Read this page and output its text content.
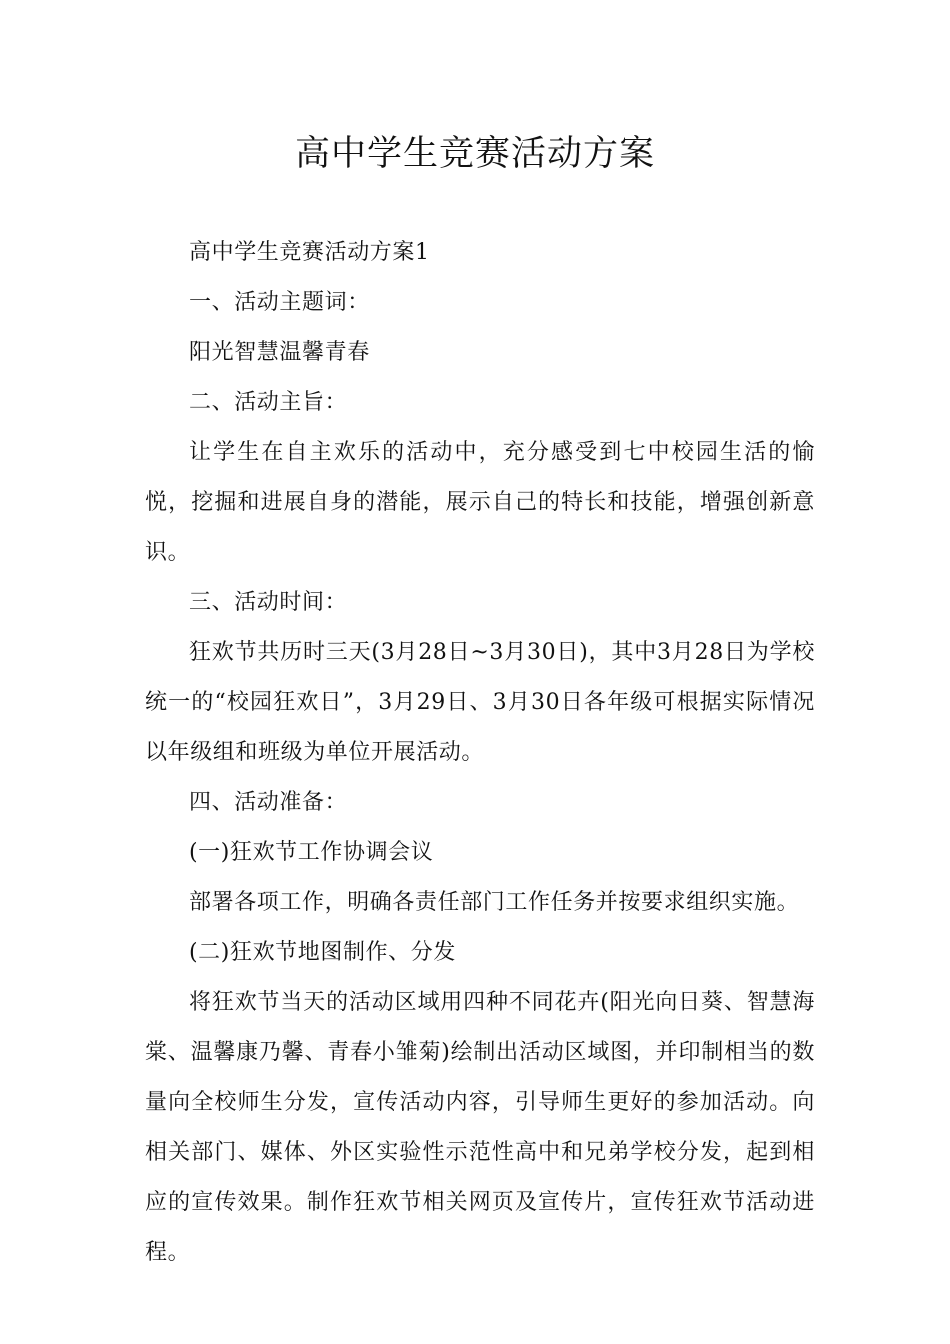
高中学生竞赛活动方案

高中学生竞赛活动方案1

一、活动主题词：

阳光智慧温馨青春

二、活动主旨：

让学生在自主欢乐的活动中，充分感受到七中校园生活的愉悦，挖掘和进展自身的潜能，展示自己的特长和技能，增强创新意识。

三、活动时间：

狂欢节共历时三天(3月28日~3月30日)，其中3月28日为学校统一的“校园狂欢日”，3月29日、3月30日各年级可根据实际情况以年级组和班级为单位开展活动。

四、活动准备：

(一)狂欢节工作协调会议

部署各项工作，明确各责任部门工作任务并按要求组织实施。

(二)狂欢节地图制作、分发

将狂欢节当天的活动区域用四种不同花卉(阳光向日葵、智慧海棠、温馨康乃馨、青春小雏菊)绘制出活动区域图，并印制相当的数量向全校师生分发，宣传活动内容，引导师生更好的参加活动。向相关部门、媒体、外区实验性示范性高中和兄弟学校分发，起到相应的宣传效果。制作狂欢节相关网页及宣传片，宣传狂欢节活动进程。
